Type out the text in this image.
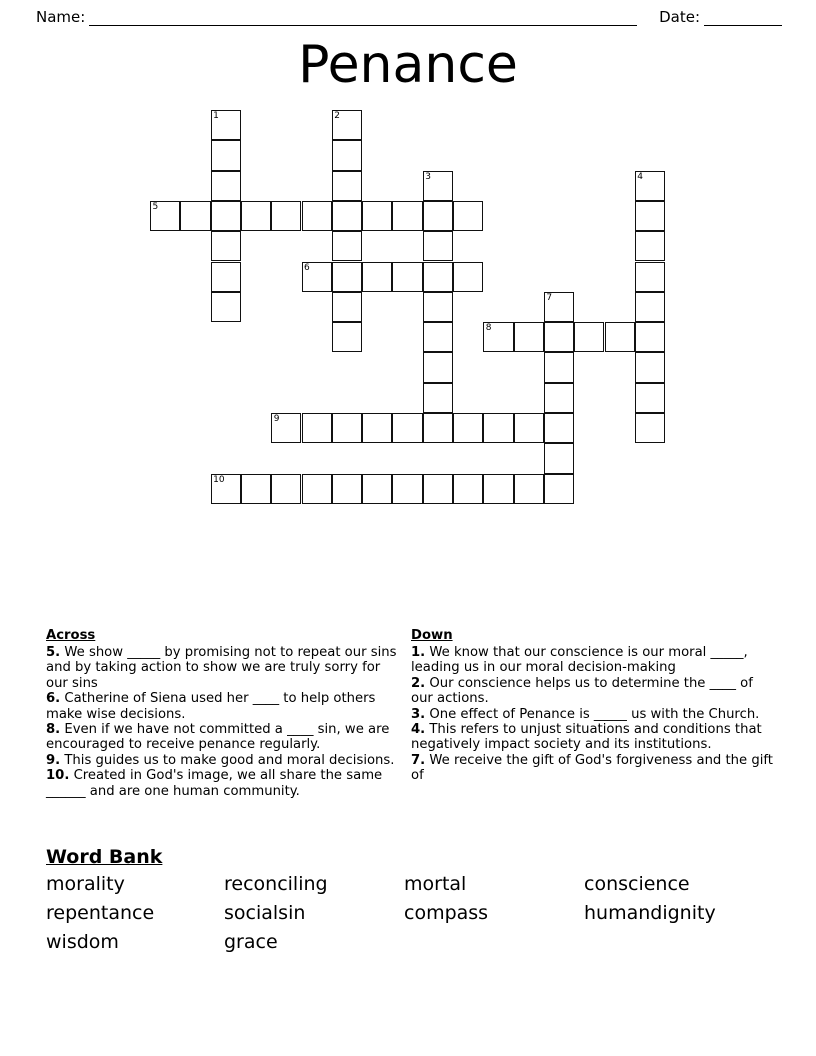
Name:	Date:
Penance
1	2
3	4
5
6
7
8
9
10
Across
5. We show _____ by promising not to repeat our sins and by taking action to show we are truly sorry for our sins
6. Catherine of Siena used her ____ to help others make wise decisions.
8. Even if we have not committed a ____ sin, we are encouraged to receive penance regularly.
9. This guides us to make good and moral decisions.
10. Created in God's image, we all share the same ______ and are one human community.
Down
1. We know that our conscience is our moral _____, leading us in our moral decision-making
2. Our conscience helps us to determine the ____ of our actions.
3. One effect of Penance is _____ us with the Church.
4. This refers to unjust situations and conditions that negatively impact society and its institutions.
7. We receive the gift of God's forgiveness and the gift of
Word Bank
morality	reconciling	mortal	conscience
repentance	socialsin	compass	humandignity
wisdom	grace
